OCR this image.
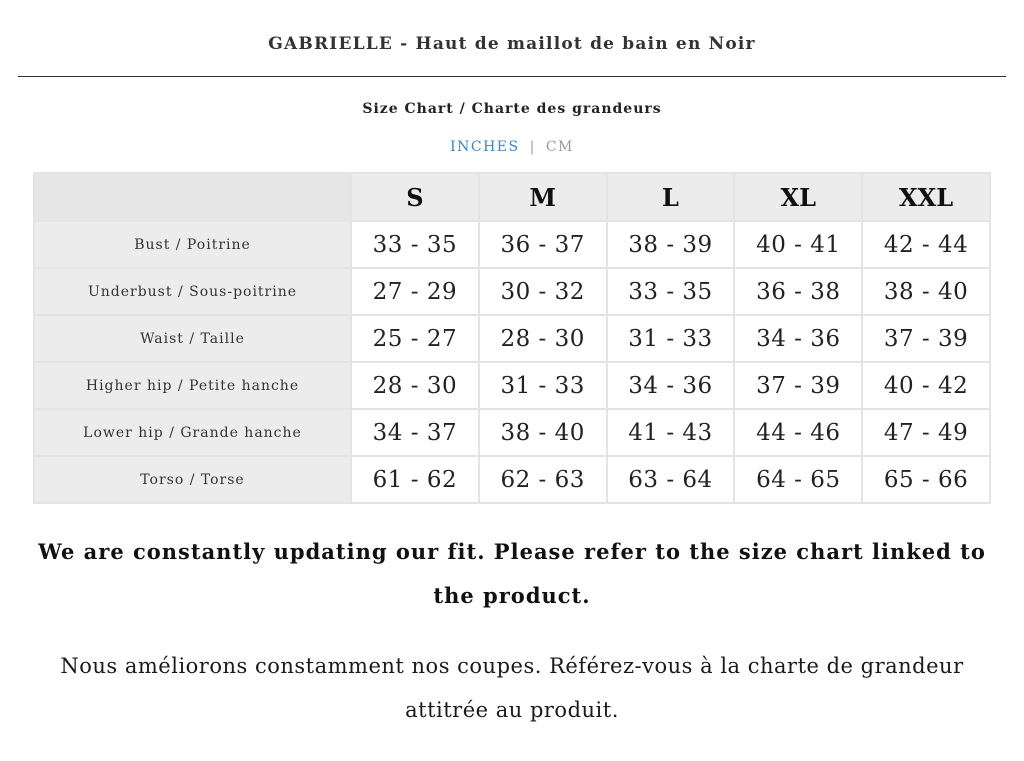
GABRIELLE - Haut de maillot de bain en Noir
Size Chart / Charte des grandeurs
INCHES | CM
	S	M	L	XL	XXL
Bust / Poitrine	33 - 35	36 - 37	38 - 39	40 - 41	42 - 44
Underbust / Sous-poitrine	27 - 29	30 - 32	33 - 35	36 - 38	38 - 40
Waist / Taille	25 - 27	28 - 30	31 - 33	34 - 36	37 - 39
Higher hip / Petite hanche	28 - 30	31 - 33	34 - 36	37 - 39	40 - 42
Lower hip / Grande hanche	34 - 37	38 - 40	41 - 43	44 - 46	47 - 49
Torso / Torse	61 - 62	62 - 63	63 - 64	64 - 65	65 - 66
We are constantly updating our fit. Please refer to the size chart linked to the product.
Nous améliorons constamment nos coupes. Référez-vous à la charte de grandeur attitrée au produit.
